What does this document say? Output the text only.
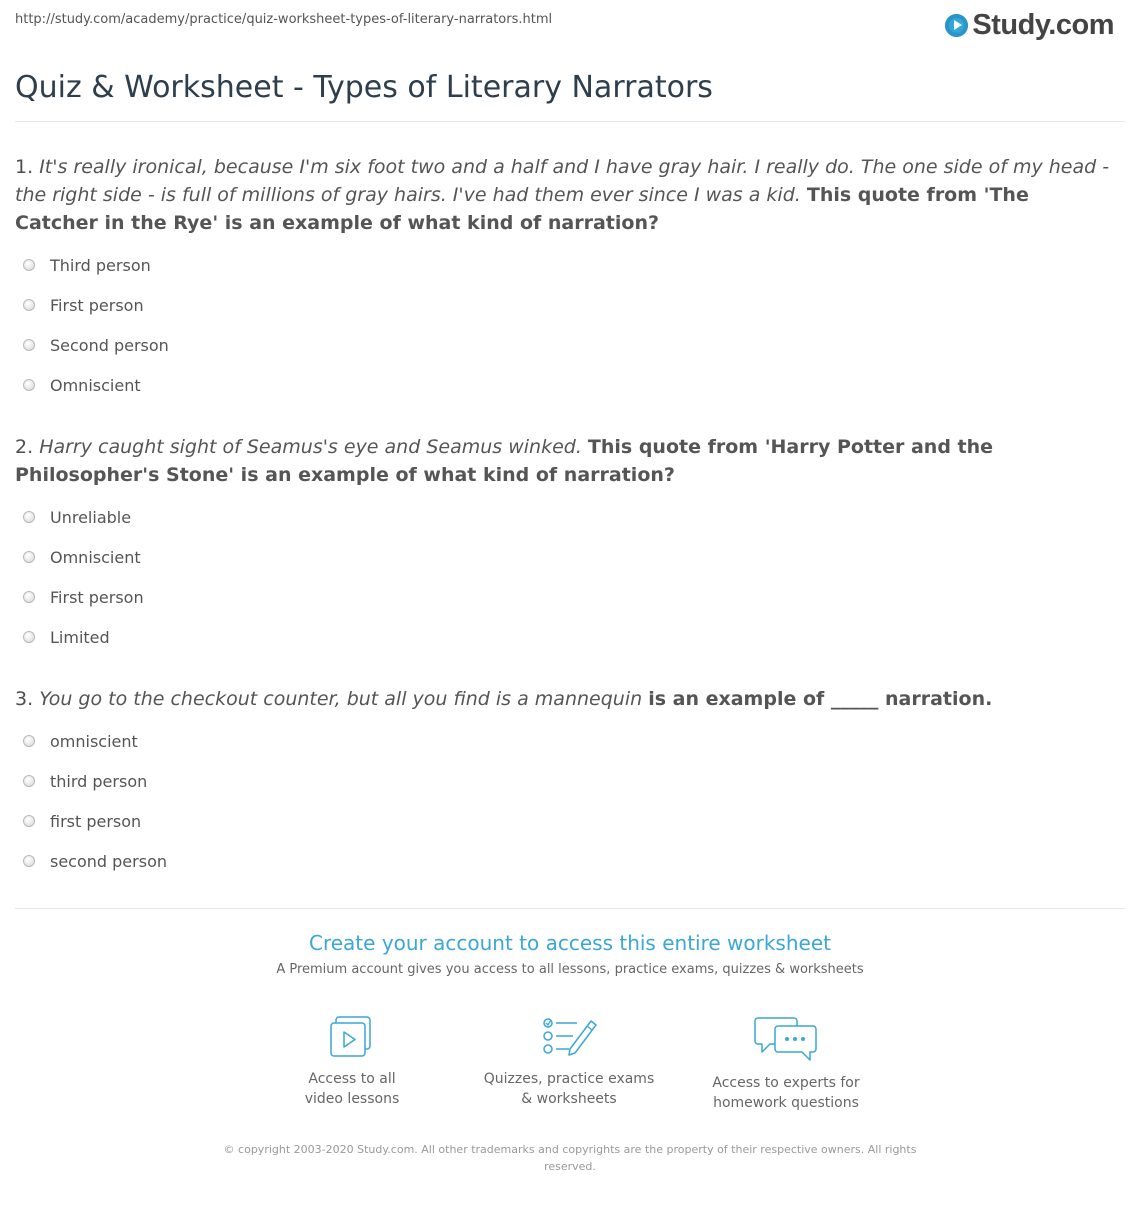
http://study.com/academy/practice/quiz-worksheet-types-of-literary-narrators.html	Study.com
Quiz & Worksheet - Types of Literary Narrators

1. It's really ironical, because I'm six foot two and a half and I have gray hair. I really do. The one side of my head - the right side - is full of millions of gray hairs. I've had them ever since I was a kid. This quote from 'The Catcher in the Rye' is an example of what kind of narration?

Third person
First person
Second person
Omniscient

2. Harry caught sight of Seamus's eye and Seamus winked. This quote from 'Harry Potter and the Philosopher's Stone' is an example of what kind of narration?

Unreliable
Omniscient
First person
Limited

3. You go to the checkout counter, but all you find is a mannequin is an example of _____ narration.

omniscient
third person
first person
second person
Create your account to access this entire worksheet
A Premium account gives you access to all lessons, practice exams, quizzes & worksheets
Access to all
video lessons
Quizzes, practice exams
& worksheets
Access to experts for
homework questions
© copyright 2003-2020 Study.com. All other trademarks and copyrights are the property of their respective owners. All rights reserved.
